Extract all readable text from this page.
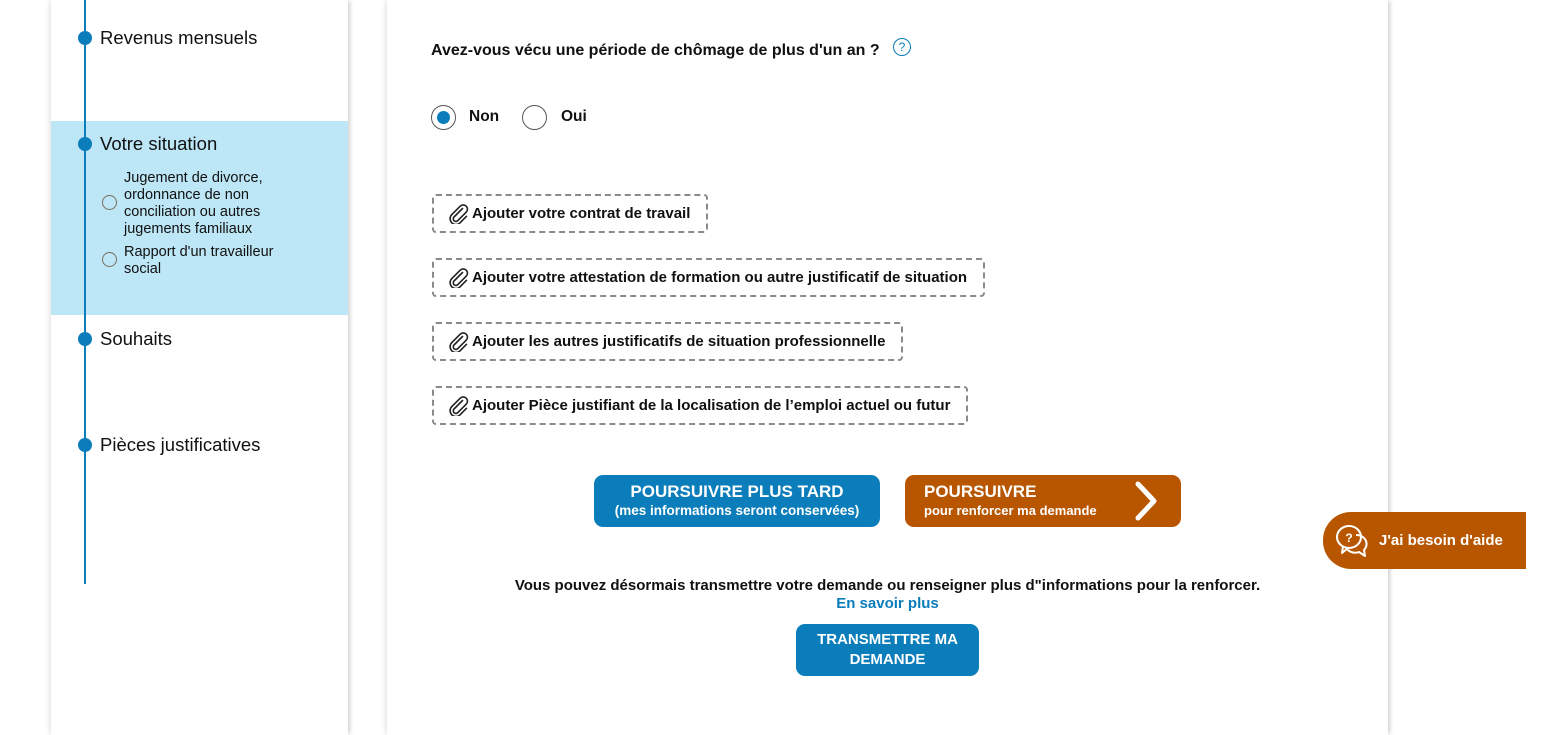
Revenus mensuels
Votre situation
Jugement de divorce, ordonnance de non conciliation ou autres jugements familiaux
Rapport d'un travailleur social
Souhaits
Pièces justificatives
Avez-vous vécu une période de chômage de plus d'un an ?	?
Non	Oui
Ajouter votre contrat de travail
Ajouter votre attestation de formation ou autre justificatif de situation
Ajouter les autres justificatifs de situation professionnelle
Ajouter Pièce justifiant de la localisation de l’emploi actuel ou futur
POURSUIVRE PLUS TARD
(mes informations seront conservées)
POURSUIVRE
pour renforcer ma demande
Vous pouvez désormais transmettre votre demande ou renseigner plus d"informations pour la renforcer.
En savoir plus
TRANSMETTRE MA DEMANDE
? J'ai besoin d'aide
